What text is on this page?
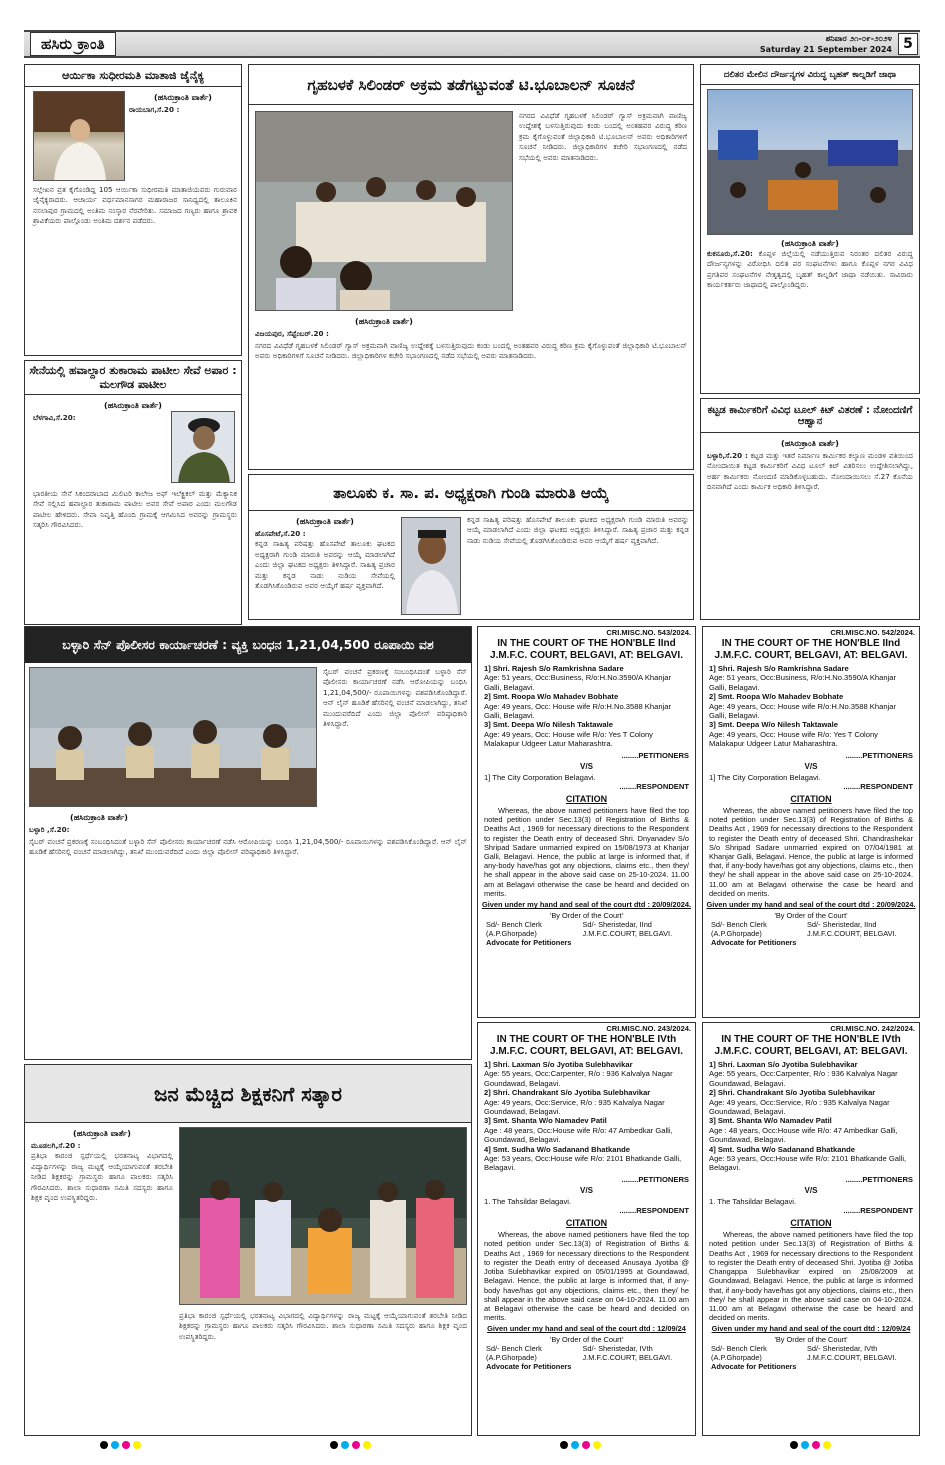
ಹಸಿರು ಕ್ರಾಂತಿ	ಶನಿವಾರ ೨೧-೦೯-೨೦೨೪
Saturday 21 September 2024 5
ಆರ್ಯಿಕಾ ಸುಧೀರಮತಿ ಮಾತಾಜಿ ಜೈನೈಕ್ಯ
(ಹಸಿರುಕ್ರಾಂತಿ ವಾರ್ತೆ)
ರಾಯಬಾಗ,ಸೆ.20 :
ಸಲ್ಲೇಖನ ವ್ರತ ಕೈಗೊಂಡಿದ್ದ 105 ಆರ್ಯಿಕಾ ಸುಧೀರಮತಿ ಮಾತಾಜಿಯವರು ಗುರುವಾರ ಜೈನೈಕ್ಯರಾದರು. ಆಚಾರ್ಯ ವರ್ಧಮಾನಸಾಗರ ಮಹಾರಾಜರ ಸಾನಿಧ್ಯದಲ್ಲಿ ತಾಲೂಕಿನ ನಸಲಾಪುರ ಗ್ರಾಮದಲ್ಲಿ ಅಂತಿಮ ಸಂಸ್ಕಾರ ನೆರವೇರಿತು. ಸಮಾಜದ ಗಣ್ಯರು ಹಾಗೂ ಶ್ರಾವಕ ಶ್ರಾವಿಕೆಯರು ಪಾಲ್ಗೊಂಡು ಅಂತಿಮ ದರ್ಶನ ಪಡೆದರು.
ಸೇನೆಯಲ್ಲಿ ಹವಾಲ್ದಾರ ತುಕಾರಾಮ ಪಾಟೀಲ ಸೇವೆ ಅಪಾರ : ಮಲಗೌಡ ಪಾಟೀಲ
(ಹಸಿರುಕ್ರಾಂತಿ ವಾರ್ತೆ)
ಬೆಳಗಾವಿ,ಸೆ.20:
ಭಾರತೀಯ ಸೇನೆ ಸಿಕಂದರಾಬಾದ ಮಿಲಿಟರಿ ಕಾಲೇಜ ಅಫ್ ಇಲೆಕ್ಟ್ರಿಕಲ್ ಮತ್ತು ಮೆಕ್ಯಾನಿಕ ಸೇವೆ ಸಲ್ಲಿಸಿದ ಹವಾಲ್ದಾರ ತುಕಾರಾಮ ಪಾಟೀಲ ಅವರ ಸೇವೆ ಅಪಾರ ಎಂದು ಮಲಗೌಡ ಪಾಟೀಲ ಹೇಳಿದರು. ಸೇವಾ ನಿವೃತ್ತಿ ಹೊಂದಿ ಗ್ರಾಮಕ್ಕೆ ಆಗಮಿಸಿದ ಅವರನ್ನು ಗ್ರಾಮಸ್ಥರು ಸತ್ಕರಿಸಿ ಗೌರವಿಸಿದರು.
ಗೃಹಬಳಕೆ ಸಿಲಿಂಡರ್ ಅಕ್ರಮ ತಡೆಗಟ್ಟುವಂತೆ ಟಿ.ಭೂಬಾಲನ್ ಸೂಚನೆ
ನಗರದ ವಿವಿಧೆಡೆ ಗೃಹಬಳಕೆ ಸಿಲಿಂಡರ್ ಗ್ಯಾಸ್ ಅಕ್ರಮವಾಗಿ ವಾಣಿಜ್ಯ ಉದ್ದೇಶಕ್ಕೆ ಬಳಸುತ್ತಿರುವುದು ಕಂಡು ಬಂದಲ್ಲಿ ಅಂತಹವರ ವಿರುದ್ಧ ಕಠಿಣ ಕ್ರಮ ಕೈಗೊಳ್ಳುವಂತೆ ಜಿಲ್ಲಾಧಿಕಾರಿ ಟಿ.ಭೂಬಾಲನ್ ಅವರು ಅಧಿಕಾರಿಗಳಿಗೆ ಸೂಚನೆ ನೀಡಿದರು. ಜಿಲ್ಲಾಧಿಕಾರಿಗಳ ಕಚೇರಿ ಸಭಾಂಗಣದಲ್ಲಿ ನಡೆದ ಸಭೆಯಲ್ಲಿ ಅವರು ಮಾತನಾಡಿದರು.
(ಹಸಿರುಕ್ರಾಂತಿ ವಾರ್ತೆ)
ವಿಜಯಪುರ, ಸೆಪ್ಟೆಂಬರ್.20 :
ನಗರದ ವಿವಿಧೆಡೆ ಗೃಹಬಳಕೆ ಸಿಲಿಂಡರ್ ಗ್ಯಾಸ್ ಅಕ್ರಮವಾಗಿ ವಾಣಿಜ್ಯ ಉದ್ದೇಶಕ್ಕೆ ಬಳಸುತ್ತಿರುವುದು ಕಂಡು ಬಂದಲ್ಲಿ ಅಂತಹವರ ವಿರುದ್ಧ ಕಠಿಣ ಕ್ರಮ ಕೈಗೊಳ್ಳುವಂತೆ ಜಿಲ್ಲಾಧಿಕಾರಿ ಟಿ.ಭೂಬಾಲನ್ ಅವರು ಅಧಿಕಾರಿಗಳಿಗೆ ಸೂಚನೆ ನೀಡಿದರು. ಜಿಲ್ಲಾಧಿಕಾರಿಗಳ ಕಚೇರಿ ಸಭಾಂಗಣದಲ್ಲಿ ನಡೆದ ಸಭೆಯಲ್ಲಿ ಅವರು ಮಾತನಾಡಿದರು.
ದಲಿತರ ಮೇಲಿನ ದೌರ್ಜನ್ಯಗಳ ವಿರುದ್ಧ ಬೃಹತ್ ಕಾಲ್ನಡಿಗೆ ಜಾಥಾ
(ಹಸಿರುಕ್ರಾಂತಿ ವಾರ್ತೆ)
ಕುಕನೂರು,ಸೆ.20: ಕೊಪ್ಪಳ ಜಿಲ್ಲೆಯಲ್ಲಿ ನಡೆಯುತ್ತಿರುವ ನಿರಂತರ ದಲಿತರ ವಿರುದ್ಧ ದೌರ್ಜನ್ಯಗಳನ್ನು ವಿರೋಧಿಸಿ ದಲಿತ ಪರ ಸಂಘಟನೆಗಳು ಹಾಗೂ ಕೊಪ್ಪಳ ನಗರ ವಿವಿಧ ಪ್ರಗತಿಪರ ಸಂಘಟನೆಗಳ ನೇತೃತ್ವದಲ್ಲಿ ಬೃಹತ್ ಕಾಲ್ನಡಿಗೆ ಜಾಥಾ ನಡೆಯಿತು. ಸಾವಿರಾರು ಕಾರ್ಯಕರ್ತರು ಜಾಥಾದಲ್ಲಿ ಪಾಲ್ಗೊಂಡಿದ್ದರು.
ಕಟ್ಟಡ ಕಾರ್ಮಿಕರಿಗೆ ವಿವಿಧ ಟೂಲ್ ಕಿಟ್ ವಿತರಣೆ : ನೋಂದಣಿಗೆ ಆಹ್ವಾನ
(ಹಸಿರುಕ್ರಾಂತಿ ವಾರ್ತೆ)
ಬಳ್ಳಾರಿ,ಸೆ.20 : ಕಟ್ಟಡ ಮತ್ತು ಇತರೆ ನಿರ್ಮಾಣ ಕಾರ್ಮಿಕರ ಕಲ್ಯಾಣ ಮಂಡಳಿ ವತಿಯಿಂದ ನೋಂದಾಯಿತ ಕಟ್ಟಡ ಕಾರ್ಮಿಕರಿಗೆ ವಿವಿಧ ಟೂಲ್ ಕಿಟ್ ವಿತರಿಸಲು ಉದ್ದೇಶಿಸಲಾಗಿದ್ದು, ಅರ್ಹ ಕಾರ್ಮಿಕರು ನೋಂದಣಿ ಮಾಡಿಕೊಳ್ಳಬಹುದು. ನೋಂದಾಯಿಸಲು ಸೆ.27 ಕೊನೆಯ ದಿನವಾಗಿದೆ ಎಂದು ಕಾರ್ಮಿಕ ಅಧಿಕಾರಿ ತಿಳಿಸಿದ್ದಾರೆ.
ತಾಲೂಕು ಕ. ಸಾ. ಪ. ಅಧ್ಯಕ್ಷರಾಗಿ ಗುಂಡಿ ಮಾರುತಿ ಆಯ್ಕೆ
(ಹಸಿರುಕ್ರಾಂತಿ ವಾರ್ತೆ)
ಹೊಸಪೇಟೆ,ಸೆ.20 :
ಕನ್ನಡ ಸಾಹಿತ್ಯ ಪರಿಷತ್ತು ಹೊಸಪೇಟೆ ತಾಲೂಕು ಘಟಕದ ಅಧ್ಯಕ್ಷರಾಗಿ ಗುಂಡಿ ಮಾರುತಿ ಅವರನ್ನು ಆಯ್ಕೆ ಮಾಡಲಾಗಿದೆ ಎಂದು ಜಿಲ್ಲಾ ಘಟಕದ ಅಧ್ಯಕ್ಷರು ತಿಳಿಸಿದ್ದಾರೆ. ಸಾಹಿತ್ಯ ಪ್ರಚಾರ ಮತ್ತು ಕನ್ನಡ ನಾಡು ನುಡಿಯ ಸೇವೆಯಲ್ಲಿ ತೊಡಗಿಸಿಕೊಂಡಿರುವ ಅವರ ಆಯ್ಕೆಗೆ ಹರ್ಷ ವ್ಯಕ್ತವಾಗಿದೆ.
ಕನ್ನಡ ಸಾಹಿತ್ಯ ಪರಿಷತ್ತು ಹೊಸಪೇಟೆ ತಾಲೂಕು ಘಟಕದ ಅಧ್ಯಕ್ಷರಾಗಿ ಗುಂಡಿ ಮಾರುತಿ ಅವರನ್ನು ಆಯ್ಕೆ ಮಾಡಲಾಗಿದೆ ಎಂದು ಜಿಲ್ಲಾ ಘಟಕದ ಅಧ್ಯಕ್ಷರು ತಿಳಿಸಿದ್ದಾರೆ. ಸಾಹಿತ್ಯ ಪ್ರಚಾರ ಮತ್ತು ಕನ್ನಡ ನಾಡು ನುಡಿಯ ಸೇವೆಯಲ್ಲಿ ತೊಡಗಿಸಿಕೊಂಡಿರುವ ಅವರ ಆಯ್ಕೆಗೆ ಹರ್ಷ ವ್ಯಕ್ತವಾಗಿದೆ.
ಬಳ್ಳಾರಿ ಸೆನ್ ಪೊಲೀಸರ ಕಾರ್ಯಾಚರಣೆ : ವ್ಯಕ್ತಿ ಬಂಧನ 1,21,04,500 ರೂಪಾಯಿ ವಶ
ಸೈಬರ್ ವಂಚನೆ ಪ್ರಕರಣಕ್ಕೆ ಸಂಬಂಧಿಸಿದಂತೆ ಬಳ್ಳಾರಿ ಸೆನ್ ಪೊಲೀಸರು ಕಾರ್ಯಾಚರಣೆ ನಡೆಸಿ ಆರೋಪಿಯನ್ನು ಬಂಧಿಸಿ 1,21,04,500/- ರೂಪಾಯಿಗಳನ್ನು ವಶಪಡಿಸಿಕೊಂಡಿದ್ದಾರೆ. ಆನ್ ಲೈನ್ ಹೂಡಿಕೆ ಹೆಸರಿನಲ್ಲಿ ವಂಚನೆ ಮಾಡಲಾಗಿದ್ದು, ತನಿಖೆ ಮುಂದುವರೆದಿದೆ ಎಂದು ಜಿಲ್ಲಾ ಪೊಲೀಸ್ ವರಿಷ್ಠಾಧಿಕಾರಿ ತಿಳಿಸಿದ್ದಾರೆ.
(ಹಸಿರುಕ್ರಾಂತಿ ವಾರ್ತೆ)
ಬಳ್ಳಾರಿ ,ಸೆ.20:
ಸೈಬರ್ ವಂಚನೆ ಪ್ರಕರಣಕ್ಕೆ ಸಂಬಂಧಿಸಿದಂತೆ ಬಳ್ಳಾರಿ ಸೆನ್ ಪೊಲೀಸರು ಕಾರ್ಯಾಚರಣೆ ನಡೆಸಿ ಆರೋಪಿಯನ್ನು ಬಂಧಿಸಿ 1,21,04,500/- ರೂಪಾಯಿಗಳನ್ನು ವಶಪಡಿಸಿಕೊಂಡಿದ್ದಾರೆ. ಆನ್ ಲೈನ್ ಹೂಡಿಕೆ ಹೆಸರಿನಲ್ಲಿ ವಂಚನೆ ಮಾಡಲಾಗಿದ್ದು, ತನಿಖೆ ಮುಂದುವರೆದಿದೆ ಎಂದು ಜಿಲ್ಲಾ ಪೊಲೀಸ್ ವರಿಷ್ಠಾಧಿಕಾರಿ ತಿಳಿಸಿದ್ದಾರೆ.
ಜನ ಮೆಚ್ಚಿದ ಶಿಕ್ಷಕನಿಗೆ ಸತ್ಕಾರ
(ಹಸಿರುಕ್ರಾಂತಿ ವಾರ್ತೆ)
ಮೂಡಲಗಿ,ಸೆ.20 :
ಪ್ರತಿಭಾ ಕಾರಂಜಿ ಸ್ಪರ್ಧೆಯಲ್ಲಿ ಭರತನಾಟ್ಯ ವಿಭಾಗದಲ್ಲಿ ವಿದ್ಯಾರ್ಥಿಗಳನ್ನು ರಾಜ್ಯ ಮಟ್ಟಕ್ಕೆ ಆಯ್ಕೆಯಾಗುವಂತೆ ತರಬೇತಿ ನೀಡಿದ ಶಿಕ್ಷಕರನ್ನು ಗ್ರಾಮಸ್ಥರು ಹಾಗೂ ಪಾಲಕರು ಸತ್ಕರಿಸಿ ಗೌರವಿಸಿದರು. ಶಾಲಾ ಸುಧಾರಣಾ ಸಮಿತಿ ಸದಸ್ಯರು ಹಾಗೂ ಶಿಕ್ಷಕ ವೃಂದ ಉಪಸ್ಥಿತರಿದ್ದರು.
ಪ್ರತಿಭಾ ಕಾರಂಜಿ ಸ್ಪರ್ಧೆಯಲ್ಲಿ ಭರತನಾಟ್ಯ ವಿಭಾಗದಲ್ಲಿ ವಿದ್ಯಾರ್ಥಿಗಳನ್ನು ರಾಜ್ಯ ಮಟ್ಟಕ್ಕೆ ಆಯ್ಕೆಯಾಗುವಂತೆ ತರಬೇತಿ ನೀಡಿದ ಶಿಕ್ಷಕರನ್ನು ಗ್ರಾಮಸ್ಥರು ಹಾಗೂ ಪಾಲಕರು ಸತ್ಕರಿಸಿ ಗೌರವಿಸಿದರು. ಶಾಲಾ ಸುಧಾರಣಾ ಸಮಿತಿ ಸದಸ್ಯರು ಹಾಗೂ ಶಿಕ್ಷಕ ವೃಂದ ಉಪಸ್ಥಿತರಿದ್ದರು.
CRI.MISC.NO. 543/2024.
IN THE COURT OF THE HON'BLE IInd J.M.F.C. COURT, BELGAVI, AT: BELGAVI.
1] Shri. Rajesh S/o Ramkrishna Sadare
Age: 51 years, Occ:Business, R/o:H.No.3590/A Khanjar Galli, Belagavi.
2] Smt. Roopa W/o Mahadev Bobhate
Age: 49 years, Occ: House wife R/o:H.No.3588 Khanjar Galli, Belagavi.
3] Smt. Deepa W/o Nilesh Taktawale
Age: 49 years, Occ: House wife R/o: Yes T Colony Malakapur Udgeer Latur Maharashtra.
........PETITIONERS
V/S
1] The City Corporation Belagavi.
........RESPONDENT
CITATION
Whereas, the above named petitioners have filed the top noted petition under Sec.13(3) of Registration of Births & Deaths Act , 1969 for necessary directions to the Respondent to register the Death entry of deceased Shri. Dnyanadev S/o Shripad Sadare unmarried expired on 15/08/1973 at Khanjar Galli, Belagavi. Hence, the public at large is informed that, if any-body have/has got any objections, claims etc., then they/ he shall appear in the above said case on 25-10-2024. 11.00 am at Belagavi otherwise the case be heard and decided on merits.
Given under my hand and seal of the court dtd : 20/09/2024.
'By Order of the Court'
Sd/- Bench Clerk (A.P.Ghorpade)
Sd/- Sheristedar, IInd J.M.F.C.COURT, BELGAVI.
Advocate for Petitioners
CRI.MISC.NO. 542/2024.
IN THE COURT OF THE HON'BLE IInd J.M.F.C. COURT, BELGAVI, AT: BELGAVI.
1] Shri. Rajesh S/o Ramkrishna Sadare
Age: 51 years, Occ:Business, R/o:H.No.3590/A Khanjar Galli, Belagavi.
2] Smt. Roopa W/o Mahadev Bobhate
Age: 49 years, Occ: House wife R/o:H.No.3588 Khanjar Galli, Belagavi.
3] Smt. Deepa W/o Nilesh Taktawale
Age: 49 years, Occ: House wife R/o: Yes T Colony Malakapur Udgeer Latur Maharashtra.
........PETITIONERS
V/S
1] The City Corporation Belagavi.
........RESPONDENT
CITATION
Whereas, the above named petitioners have filed the top noted petition under Sec.13(3) of Registration of Births & Deaths Act , 1969 for necessary directions to the Respondent to register the Death entry of deceased Shri. Chandrashekar S/o Shripad Sadare unmarried expired on 07/04/1981 at Khanjar Galli, Belagavi. Hence, the public at large is informed that, if any-body have/has got any objections, claims etc., then they/ he shall appear in the above said case on 25-10-2024. 11.00 am at Belagavi otherwise the case be heard and decided on merits.
Given under my hand and seal of the court dtd : 20/09/2024.
'By Order of the Court'
Sd/- Bench Clerk (A.P.Ghorpade)
Sd/- Sheristedar, IInd J.M.F.C.COURT, BELGAVI.
Advocate for Petitioners
CRI.MISC.NO. 243/2024.
IN THE COURT OF THE HON'BLE IVth J.M.F.C. COURT, BELGAVI, AT: BELGAVI.
1] Shri. Laxman S/o Jyotiba Sulebhavikar
Age: 55 years, Occ:Carpenter, R/o : 936 Kalvalya Nagar Goundawad, Belagavi.
2] Shri. Chandrakant S/o Jyotiba Sulebhavikar
Age: 49 years, Occ:Service, R/o : 935 Kalvalya Nagar Goundawad, Belagavi.
3] Smt. Shanta W/o Namadev Patil
Age : 48 years, Occ:House wife R/o: 47 Ambedkar Galli, Goundawad, Belagavi.
4] Smt. Sudha W/o Sadanand Bhatkande
Age: 53 years, Occ:House wife R/o: 2101 Bhatkande Galli, Belagavi.
........PETITIONERS
V/S
1. The Tahsildar Belagavi.
........RESPONDENT
CITATION
Whereas, the above named petitioners have filed the top noted petition under Sec.13(3) of Registration of Births & Deaths Act , 1969 for necessary directions to the Respondent to register the Death entry of deceased Anusaya Jyotiba @ Jotiba Sulebhavikar expired on 05/01/1995 at Goundawad, Belagavi. Hence, the public at large is informed that, if any-body have/has got any objections, claims etc., then they/ he shall appear in the above said case on 04-10-2024. 11.00 am at Belagavi otherwise the case be heard and decided on merits.
Given under my hand and seal of the court dtd : 12/09/24
'By Order of the Court'
Sd/- Bench Clerk (A.P.Ghorpade)
Sd/- Sheristedar, IVth J.M.F.C.COURT, BELGAVI.
Advocate for Petitioners
CRI.MISC.NO. 242/2024.
IN THE COURT OF THE HON'BLE IVth J.M.F.C. COURT, BELGAVI, AT: BELGAVI.
1] Shri. Laxman S/o Jyotiba Sulebhavikar
Age: 55 years, Occ:Carpenter, R/o : 936 Kalvalya Nagar Goundawad, Belagavi.
2] Shri. Chandrakant S/o Jyotiba Sulebhavikar
Age: 49 years, Occ:Service, R/o : 935 Kalvalya Nagar Goundawad, Belagavi.
3] Smt. Shanta W/o Namadev Patil
Age : 48 years, Occ:House wife R/o: 47 Ambedkar Galli, Goundawad, Belagavi.
4] Smt. Sudha W/o Sadanand Bhatkande
Age: 53 years, Occ:House wife R/o: 2101 Bhatkande Galli, Belagavi.
........PETITIONERS
V/S
1. The Tahsildar Belagavi.
........RESPONDENT
CITATION
Whereas, the above named petitioners have filed the top noted petition under Sec.13(3) of Registration of Births & Deaths Act , 1969 for necessary directions to the Respondent to register the Death entry of deceased Shri. Jyotiba @ Jotiba Changappa Sulebhavikar expired on 25/08/2009 at Goundawad, Belagavi. Hence, the public at large is informed that, if any-body have/has got any objections, claims etc., then they/ he shall appear in the above said case on 04-10-2024. 11.00 am at Belagavi otherwise the case be heard and decided on merits.
Given under my hand and seal of the court dtd : 12/09/24
'By Order of the Court'
Sd/- Bench Clerk (A.P.Ghorpade)
Sd/- Sheristedar, IVth J.M.F.C.COURT, BELGAVI.
Advocate for Petitioners
